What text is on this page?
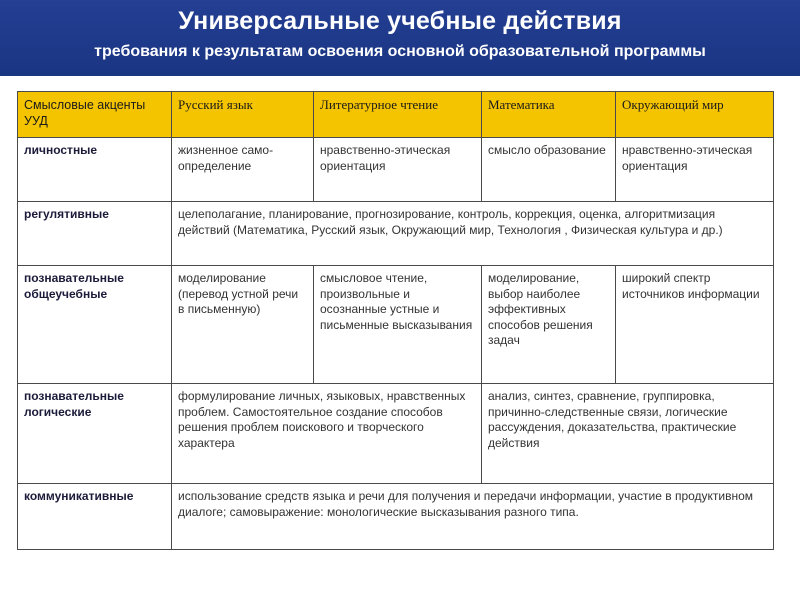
Универсальные учебные действия
требования к результатам освоения основной образовательной программы
Смысловые акценты УУД	Русский язык	Литературное чтение	Математика	Окружающий мир
личностные	жизненное само-определение	нравственно-этическая ориентация	смысло образование	нравственно-этическая ориентация
регулятивные	целеполагание, планирование, прогнозирование, контроль, коррекция, оценка, алгоритмизация действий (Математика, Русский язык, Окружающий мир, Технология , Физическая культура и др.)			
познавательные общеучебные	моделирование (перевод устной речи в письменную)	смысловое чтение, произвольные и осознанные устные и письменные высказывания	моделирование, выбор наиболее эффективных способов решения задач	широкий спектр источников информации
познавательные логические	формулирование личных, языковых, нравственных проблем. Самостоятельное создание способов решения проблем поискового и творческого характера		анализ, синтез, сравнение, группировка, причинно-следственные связи, логические рассуждения, доказательства, практические действия	
коммуникативные	использование средств языка и речи для получения и передачи информации, участие в продуктивном диалоге; самовыражение: монологические высказывания разного типа.			
